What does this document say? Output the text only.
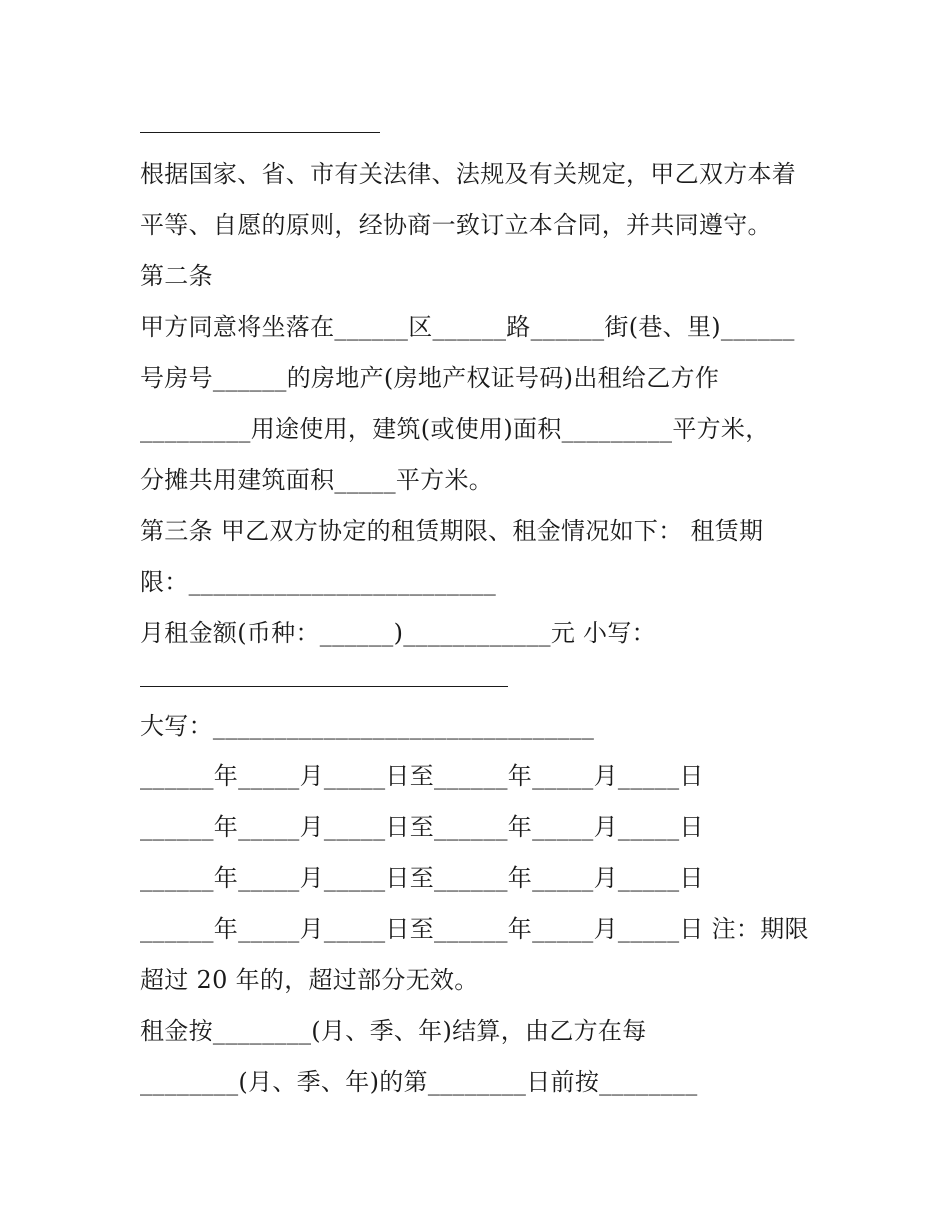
根据国家、省、市有关法律、法规及有关规定，甲乙双方本着
平等、自愿的原则，经协商一致订立本合同，并共同遵守。
第二条
甲方同意将坐落在______区______路______街(巷、里)______
号房号______的房地产(房地产权证号码)出租给乙方作
_________用途使用，建筑(或使用)面积_________平方米，
分摊共用建筑面积_____平方米。
第三条 甲乙双方协定的租赁期限、租金情况如下： 租赁期
限：_________________________
月租金额(币种：______)____________元 小写：
大写：_______________________________
______年_____月_____日至______年_____月_____日
______年_____月_____日至______年_____月_____日
______年_____月_____日至______年_____月_____日
______年_____月_____日至______年_____月_____日 注：期限
超过 20 年的，超过部分无效。
租金按________(月、季、年)结算，由乙方在每
________(月、季、年)的第________日前按________
